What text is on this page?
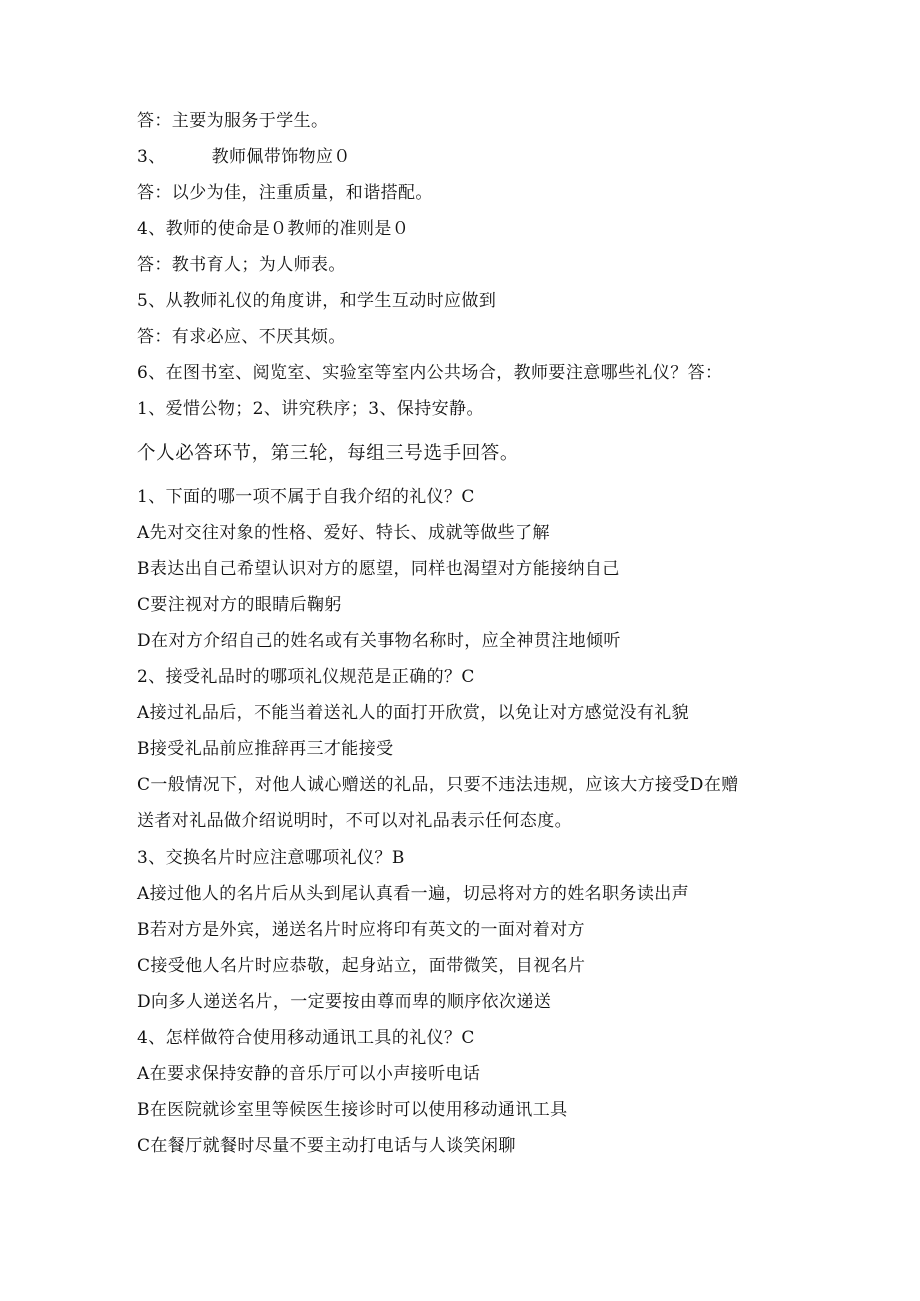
答：主要为服务于学生。
3、	教师佩带饰物应０
答：以少为佳，注重质量，和谐搭配。
4、教师的使命是０教师的准则是０
答：教书育人；为人师表。
5、从教师礼仪的角度讲，和学生互动时应做到
答：有求必应、不厌其烦。
6、在图书室、阅览室、实验室等室内公共场合，教师要注意哪些礼仪？答：
1、爱惜公物；2、讲究秩序；3、保持安静。
个人必答环节，第三轮，每组三号选手回答。
1、下面的哪一项不属于自我介绍的礼仪？C
A先对交往对象的性格、爱好、特长、成就等做些了解
B表达出自己希望认识对方的愿望，同样也渴望对方能接纳自己
C要注视对方的眼睛后鞠躬
D在对方介绍自己的姓名或有关事物名称时，应全神贯注地倾听
2、接受礼品时的哪项礼仪规范是正确的？C
A接过礼品后，不能当着送礼人的面打开欣赏，以免让对方感觉没有礼貌
B接受礼品前应推辞再三才能接受
C一般情况下，对他人诚心赠送的礼品，只要不违法违规，应该大方接受D在赠
送者对礼品做介绍说明时，不可以对礼品表示任何态度。
3、交换名片时应注意哪项礼仪？B
A接过他人的名片后从头到尾认真看一遍，切忌将对方的姓名职务读出声
B若对方是外宾，递送名片时应将印有英文的一面对着对方
C接受他人名片时应恭敬，起身站立，面带微笑，目视名片
D向多人递送名片，一定要按由尊而卑的顺序依次递送
4、怎样做符合使用移动通讯工具的礼仪？C
A在要求保持安静的音乐厅可以小声接听电话
B在医院就诊室里等候医生接诊时可以使用移动通讯工具
C在餐厅就餐时尽量不要主动打电话与人谈笑闲聊
